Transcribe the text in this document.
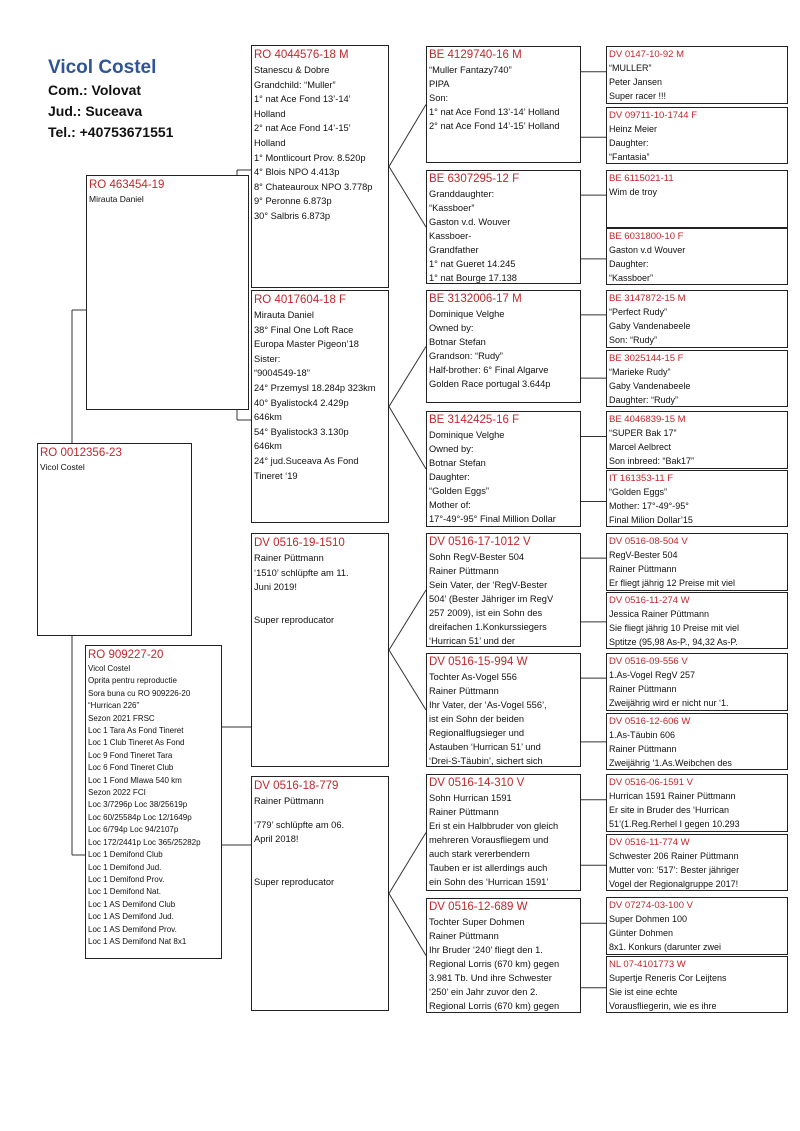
Vicol Costel
Com.: Volovat
Jud.: Suceava
Tel.: +40753671551
RO 0012356-23
Vicol Costel
RO 463454-19
Mirauta Daniel
RO 909227-20
Vicol Costel
Oprita pentru reproductie
Sora buna cu RO 909226-20
“Hurrican 226”
Sezon 2021 FRSC
Loc 1 Tara As Fond Tineret
Loc 1 Club Tineret As Fond
Loc 9 Fond Tineret Tara
Loc 6 Fond Tineret Club
Loc 1 Fond Mlawa 540 km
Sezon 2022 FCI
Loc 3/7296p Loc 38/25619p
Loc 60/25584p Loc 12/1649p
Loc 6/794p Loc 94/2107p
Loc 172/2441p Loc 365/25282p
Loc 1 Demifond Club
Loc 1 Demifond Jud.
Loc 1 Demifond Prov.
Loc 1 Demifond Nat.
Loc 1 AS Demifond Club
Loc 1 AS Demifond Jud.
Loc 1 AS Demifond Prov.
Loc 1 AS Demifond Nat 8x1
RO 4044576-18 M
Stanescu & Dobre
Grandchild: “Muller”
1° nat Ace Fond 13’-14’
Holland
2° nat Ace Fond 14’-15’
Holland
1° Montlicourt Prov. 8.520p
4° Blois NPO 4.413p
8° Chateauroux NPO 3.778p
9° Peronne 6.873p
30° Salbris 6.873p
RO 4017604-18 F
Mirauta Daniel
38° Final One Loft Race
Europa Master Pigeon’18
Sister:
“9004549-18”
24° Przemysl 18.284p 323km
40° Byalistock4 2.429p
646km
54° Byalistock3 3.130p
646km
24° jud.Suceava As Fond
Tineret ‘19
DV 0516-19-1510
Rainer Püttmann
‘1510’ schlüpfte am 11.
Juni 2019!
Super reproducator
DV 0516-18-779
Rainer Püttmann
‘779’ schlüpfte am 06.
April 2018!
Super reproducator
BE 4129740-16 M
“Muller Fantazy740”
PIPA
Son:
1° nat Ace Fond 13’-14’ Holland
2° nat Ace Fond 14’-15’ Holland
BE 6307295-12 F
Granddaughter:
“Kassboer”
Gaston v.d. Wouver
Kassboer-
Grandfather
1° nat Gueret 14.245
1° nat Bourge 17.138
BE 3132006-17 M
Dominique Velghe
Owned by:
Botnar Stefan
Grandson: “Rudy”
Half-brother: 6° Final Algarve
Golden Race portugal 3.644p
BE 3142425-16 F
Dominique Velghe
Owned by:
Botnar Stefan
Daughter:
“Golden Eggs”
Mother of:
17°-49°-95° Final Million Dollar
DV 0516-17-1012 V
Sohn RegV-Bester 504
Rainer Püttmann
Sein Vater, der ‘RegV-Bester
504’ (Bester Jähriger im RegV
257 2009), ist ein Sohn des
dreifachen 1.Konkurssiegers
‘Hurrican 51’ und der
DV 0516-15-994 W
Tochter As-Vogel 556
Rainer Püttmann
Ihr Vater, der ‘As-Vogel 556’,
ist ein Sohn der beiden
Regionalflugsieger und
Astauben ‘Hurrican 51’ und
‘Drei-S-Täubin’, sichert sich
DV 0516-14-310 V
Sohn Hurrican 1591
Rainer Püttmann
Eri st ein Halbbruder von gleich
mehreren Vorausfliegem und
auch stark vererbendern
Tauben er ist allerdings auch
ein Sohn des ‘Hurrican 1591’
DV 0516-12-689 W
Tochter Super Dohmen
Rainer Püttmann
Ihr Bruder ‘240’ fliegt den 1.
Regional Lorris (670 km) gegen
3.981 Tb. Und ihre Schwester
‘250’ ein Jahr zuvor den 2.
Regional Lorris (670 km) gegen
DV 0147-10-92 M
“MULLER”
Peter Jansen
Super racer !!!
DV 09711-10-1744 F
Heinz Meier
Daughter:
“Fantasia”
BE 6115021-11
Wim de troy
BE 6031800-10 F
Gaston v.d Wouver
Daughter:
“Kassboer”
BE 3147872-15 M
“Perfect Rudy”
Gaby Vandenabeele
Son: “Rudy”
BE 3025144-15 F
“Marieke Rudy”
Gaby Vandenabeele
Daughter: “Rudy”
BE 4046839-15 M
“SUPER Bak 17”
Marcel Aelbrect
Son inbreed: “Bak17”
IT 161353-11 F
“Golden Eggs”
Mother: 17°-49°-95°
Final Milion Dollar’15
DV 0516-08-504 V
RegV-Bester 504
Rainer Püttmann
Er fliegt jährig 12 Preise mit viel
DV 0516-11-274 W
Jessica Rainer Püttmann
Sie fliegt jährig 10 Preise mit viel
Sptitze (95,98 As-P., 94,32 As-P.
DV 0516-09-556 V
1.As-Vogel RegV 257
Rainer Püttmann
Zweijährig wird er nicht nur ‘1.
DV 0516-12-606 W
1.As-Täubin 606
Rainer Püttmann
Zweijährig ‘1.As.Weibchen des
DV 0516-06-1591 V
Hurrican 1591 Rainer Püttmann
Er site in Bruder des ‘Hurrican
51’(1.Reg.Rerhel I gegen 10.293
DV 0516-11-774 W
Schwester 206 Rainer Püttmann
Mutter von: ‘517’: Bester jähriger
Vogel der Regionalgruppe 2017!
DV 07274-03-100 V
Super Dohmen 100
Günter Dohmen
8x1. Konkurs (darunter zwei
NL 07-4101773 W
Supertje Reneris Cor Leijtens
Sie ist eine echte
Vorausfliegerin, wie es ihre
